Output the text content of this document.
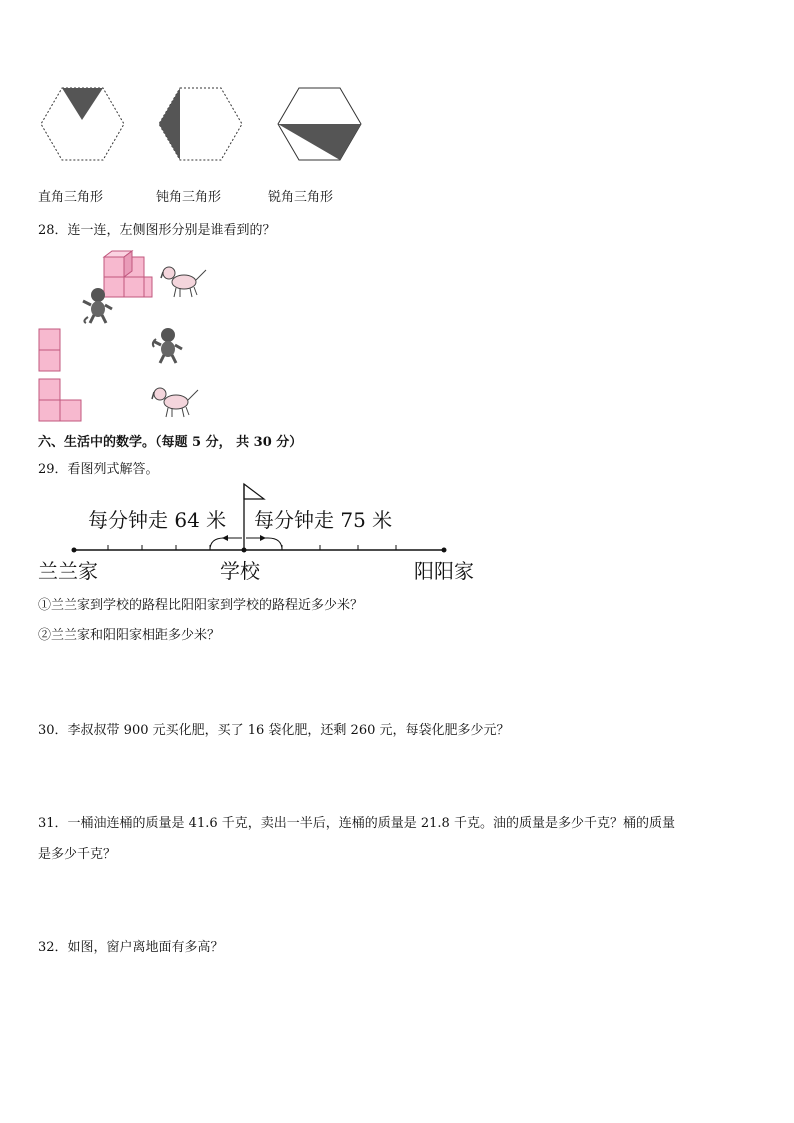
直角三角形	钝角三角形	锐角三角形
28．连一连，左侧图形分别是谁看到的？
六、生活中的数学。（每题 5 分， 共 30 分）
29．看图列式解答。
每分钟走 64 米 每分钟走 75 米
兰兰家	学校	阳阳家
①兰兰家到学校的路程比阳阳家到学校的路程近多少米？
②兰兰家和阳阳家相距多少米？
30．李叔叔带 900 元买化肥，买了 16 袋化肥，还剩 260 元，每袋化肥多少元？
31．一桶油连桶的质量是 41.6 千克，卖出一半后，连桶的质量是 21.8 千克。油的质量是多少千克？桶的质量
是多少千克？
32．如图，窗户离地面有多高？
